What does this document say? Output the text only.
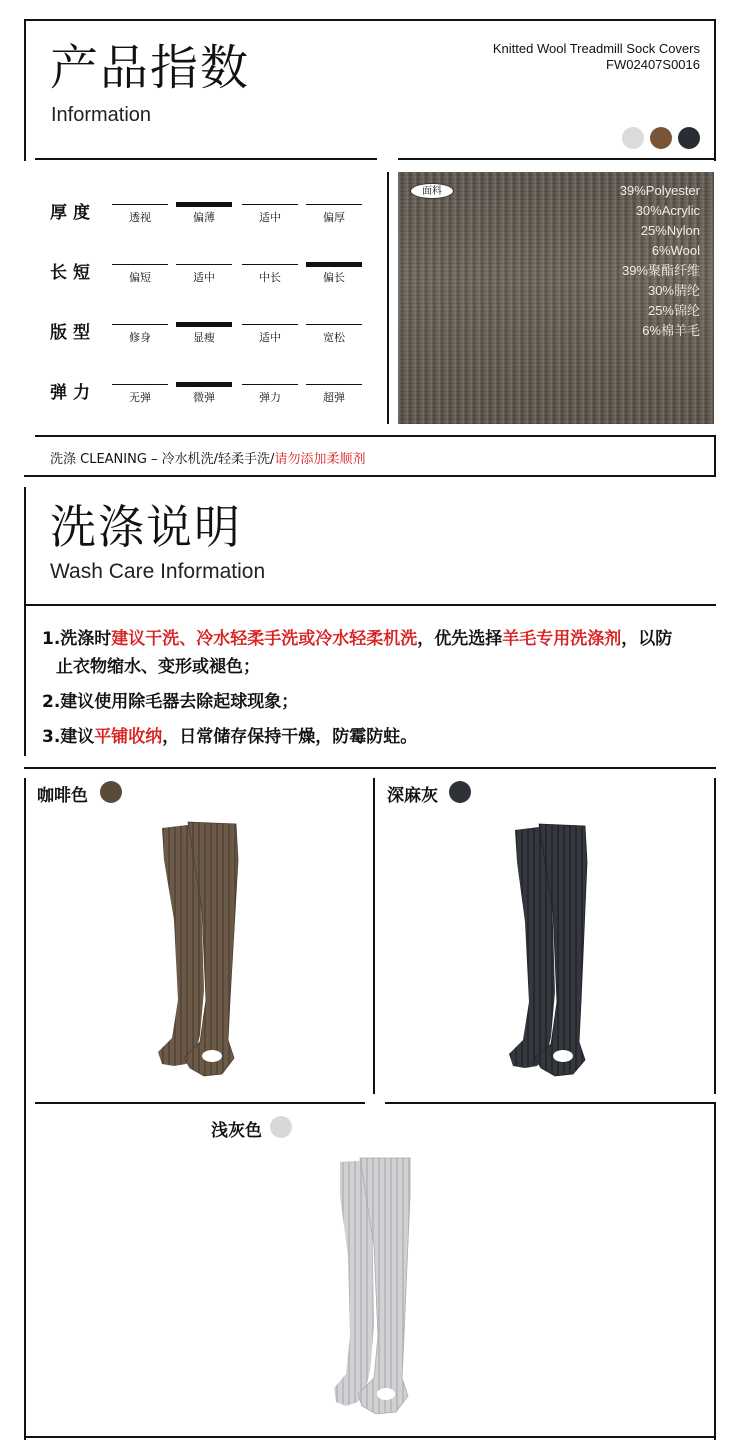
产品指数
Information
Knitted Wool Treadmill Sock Covers
FW02407S0016
厚度	透视	偏薄	适中	偏厚
长短	偏短	适中	中长	偏长
版型	修身	显瘦	适中	宽松
弹力	无弹	微弹	弹力	超弹
面料	39%Polyester
30%Acrylic
25%Nylon
6%Wool
39%聚酯纤维
30%腈纶
25%锦纶
6%棉羊毛
洗涤 CLEANING – 冷水机洗/轻柔手洗/请勿添加柔顺剂
洗涤说明
Wash Care Information
1.洗涤时建议干洗、冷水轻柔手洗或冷水轻柔机洗，优先选择羊毛专用洗涤剂，以防
止衣物缩水、变形或褪色；
2.建议使用除毛器去除起球现象；
3.建议平铺收纳，日常储存保持干燥，防霉防蛀。
咖啡色	深麻灰
浅灰色
